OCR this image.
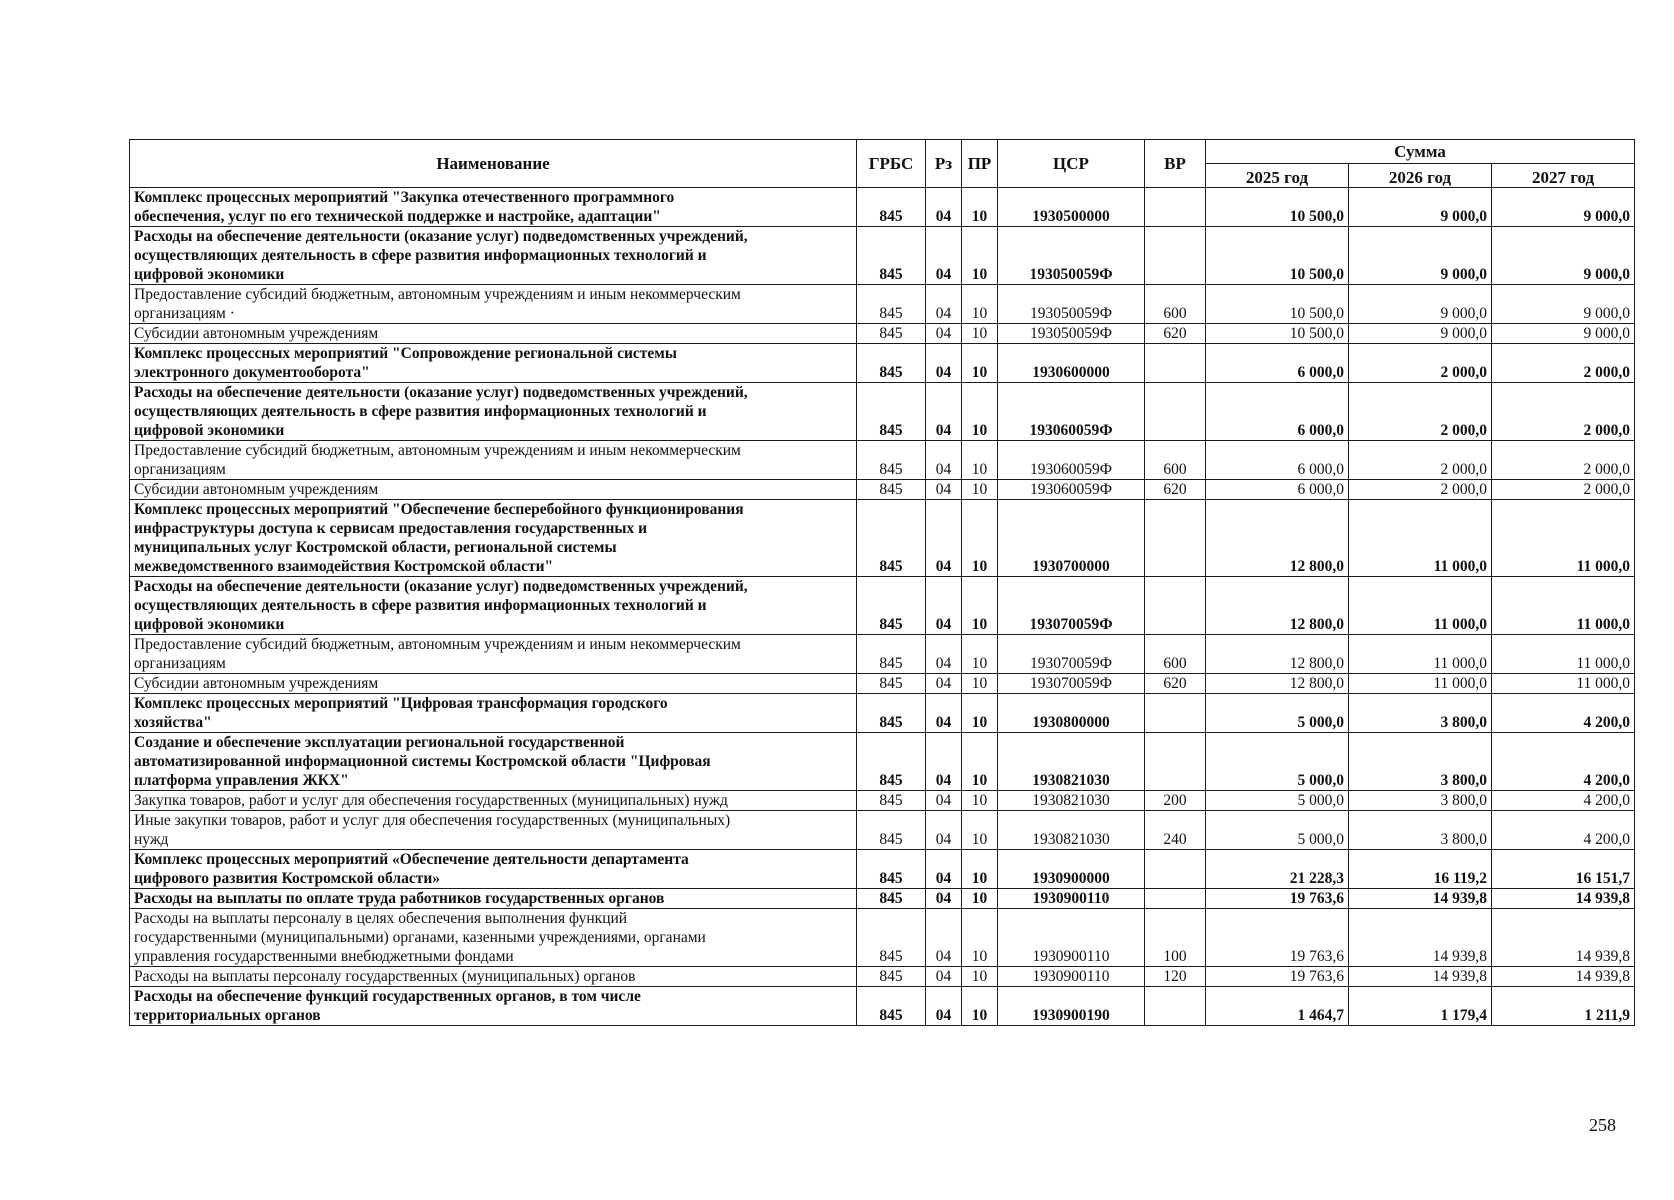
Наименование	ГРБС	Рз	ПР	ЦСР	ВР	Сумма		
						2025 год	2026 год	2027 год
Комплекс процессных мероприятий "Закупка отечественного программного
обеспечения, услуг по его технической поддержке и настройке, адаптации"	845	04	10	1930500000		10 500,0	9 000,0	9 000,0
Расходы на обеспечение деятельности (оказание услуг) подведомственных учреждений,
осуществляющих деятельность в сфере развития информационных технологий и
цифровой экономики	845	04	10	193050059Ф		10 500,0	9 000,0	9 000,0
Предоставление субсидий бюджетным, автономным учреждениям и иным некоммерческим
организациям ·	845	04	10	193050059Ф	600	10 500,0	9 000,0	9 000,0
Субсидии автономным учреждениям	845	04	10	193050059Ф	620	10 500,0	9 000,0	9 000,0
Комплекс процессных мероприятий "Сопровождение региональной системы
электронного документооборота"	845	04	10	1930600000		6 000,0	2 000,0	2 000,0
Расходы на обеспечение деятельности (оказание услуг) подведомственных учреждений,
осуществляющих деятельность в сфере развития информационных технологий и
цифровой экономики	845	04	10	193060059Ф		6 000,0	2 000,0	2 000,0
Предоставление субсидий бюджетным, автономным учреждениям и иным некоммерческим
организациям	845	04	10	193060059Ф	600	6 000,0	2 000,0	2 000,0
Субсидии автономным учреждениям	845	04	10	193060059Ф	620	6 000,0	2 000,0	2 000,0
Комплекс процессных мероприятий "Обеспечение бесперебойного функционирования
инфраструктуры доступа к сервисам предоставления государственных и
муниципальных услуг Костромской области, региональной системы
межведомственного взаимодействия Костромской области"	845	04	10	1930700000		12 800,0	11 000,0	11 000,0
Расходы на обеспечение деятельности (оказание услуг) подведомственных учреждений,
осуществляющих деятельность в сфере развития информационных технологий и
цифровой экономики	845	04	10	193070059Ф		12 800,0	11 000,0	11 000,0
Предоставление субсидий бюджетным, автономным учреждениям и иным некоммерческим
организациям	845	04	10	193070059Ф	600	12 800,0	11 000,0	11 000,0
Субсидии автономным учреждениям	845	04	10	193070059Ф	620	12 800,0	11 000,0	11 000,0
Комплекс процессных мероприятий "Цифровая трансформация городского
хозяйства"	845	04	10	1930800000		5 000,0	3 800,0	4 200,0
Создание и обеспечение эксплуатации региональной государственной
автоматизированной информационной системы Костромской области "Цифровая
платформа управления ЖКХ"	845	04	10	1930821030		5 000,0	3 800,0	4 200,0
Закупка товаров, работ и услуг для обеспечения государственных (муниципальных) нужд	845	04	10	1930821030	200	5 000,0	3 800,0	4 200,0
Иные закупки товаров, работ и услуг для обеспечения государственных (муниципальных)
нужд	845	04	10	1930821030	240	5 000,0	3 800,0	4 200,0
Комплекс процессных мероприятий «Обеспечение деятельности департамента
цифрового развития Костромской области»	845	04	10	1930900000		21 228,3	16 119,2	16 151,7
Расходы на выплаты по оплате труда работников государственных органов	845	04	10	1930900110		19 763,6	14 939,8	14 939,8
Расходы на выплаты персоналу в целях обеспечения выполнения функций
государственными (муниципальными) органами, казенными учреждениями, органами
управления государственными внебюджетными фондами	845	04	10	1930900110	100	19 763,6	14 939,8	14 939,8
Расходы на выплаты персоналу государственных (муниципальных) органов	845	04	10	1930900110	120	19 763,6	14 939,8	14 939,8
Расходы на обеспечение функций государственных органов, в том числе
территориальных органов	845	04	10	1930900190		1 464,7	1 179,4	1 211,9
258
